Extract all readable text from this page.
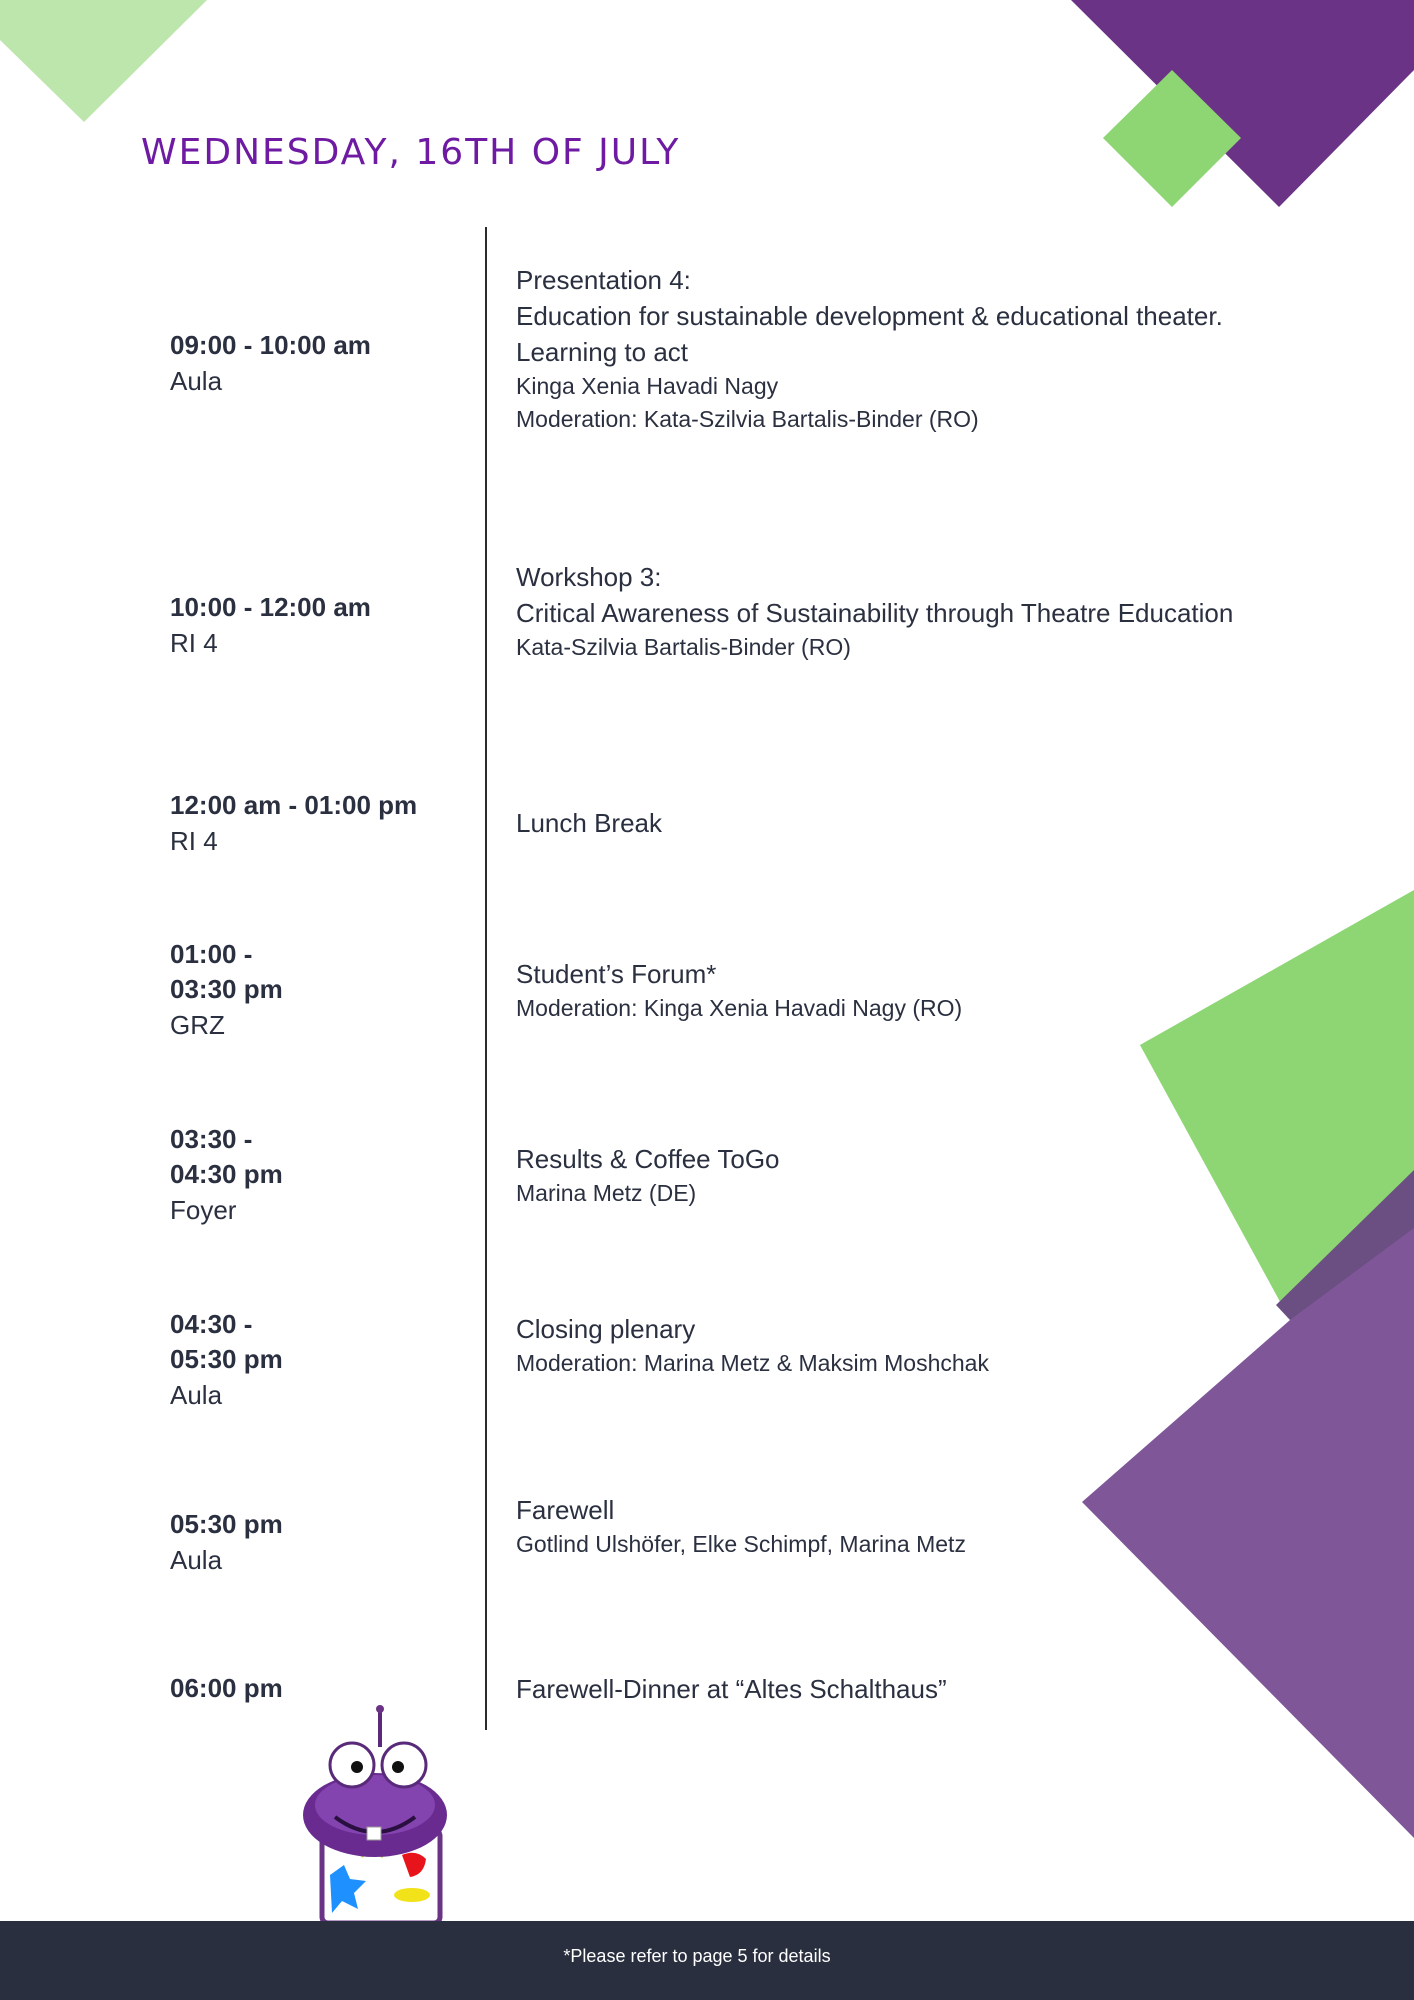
WEDNESDAY, 16TH OF JULY
09:00 - 10:00 am
Aula
Presentation 4:
Education for sustainable development & educational theater.
Learning to act
Kinga Xenia Havadi Nagy
Moderation: Kata-Szilvia Bartalis-Binder (RO)
10:00 - 12:00 am
RI 4
Workshop 3:
Critical Awareness of Sustainability through Theatre Education
Kata-Szilvia Bartalis-Binder (RO)
12:00 am - 01:00 pm
RI 4
Lunch Break
01:00 -
03:30 pm
GRZ
Student’s Forum*
Moderation: Kinga Xenia Havadi Nagy (RO)
03:30 -
04:30 pm
Foyer
Results & Coffee ToGo
Marina Metz (DE)
04:30 -
05:30 pm
Aula
Closing plenary
Moderation: Marina Metz & Maksim Moshchak
05:30 pm
Aula
Farewell
Gotlind Ulshöfer, Elke Schimpf, Marina Metz
06:00 pm	Farewell-Dinner at “Altes Schalthaus”
*Please refer to page 5 for details
